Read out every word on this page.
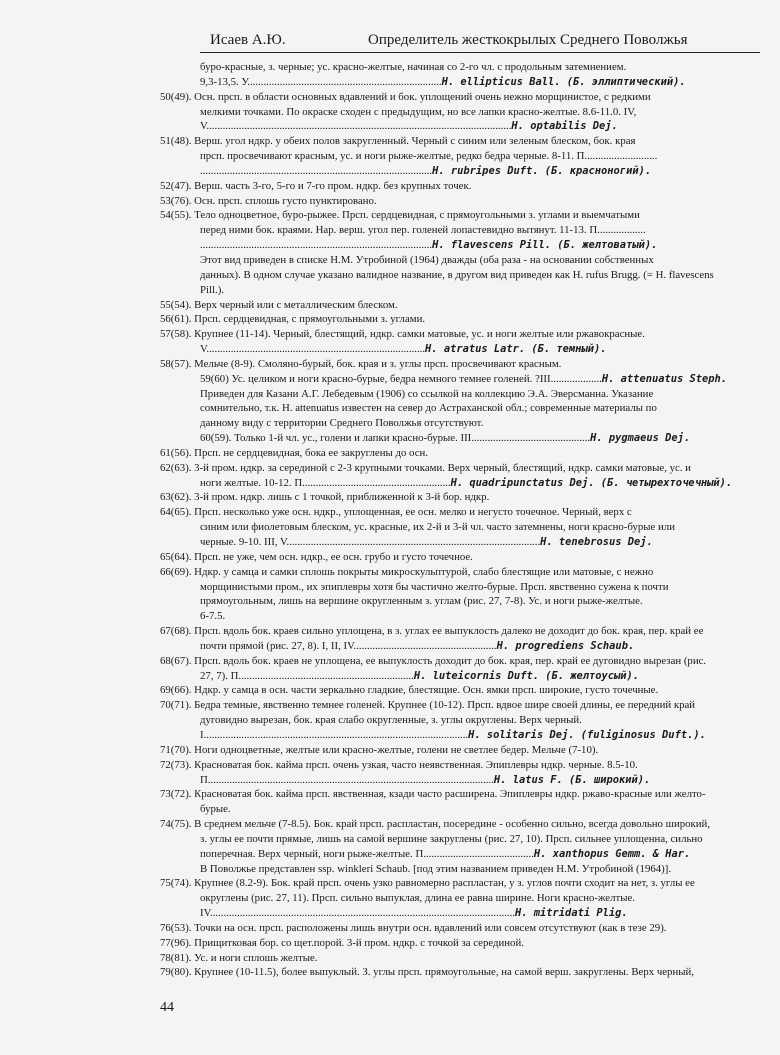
Исаев А.Ю.	Определитель жесткокрылых Среднего Поволжья

буро-красные, з. черные; ус. красно-желтые, начиная со 2-го чл. с продольным затемнением.

9,3-13,5. У........................................................................H. ellipticus Ball. (Б. эллиптический).

50(49). Осн. прсп. в области основных вдавлений и бок. уплощений очень нежно морщинистое, с редкими

мелкими точками. По окраске сходен с предыдущим, но все лапки красно-желтые. 8.6-11.0. IV,

V.................................................................................................................H. optabilis Dej.

51(48). Верш. угол ндкр. у обеих полов закругленный. Черный с синим или зеленым блеском, бок. края

прсп. просвечивают красным, ус. и ноги рыже-желтые, редко бедра черные. 8-11. П...........................

......................................................................................H. rubripes Duft. (Б. красноногий).

52(47). Верш. часть 3-го, 5-го и 7-го пром. ндкр. без крупных точек.

53(76). Осн. прсп. сплошь густо пунктировано.

54(55). Тело одноцветное, буро-рыжее. Прсп. сердцевидная, с прямоугольными з. углами и выемчатыми

перед ними бок. краями. Нар. верш. угол пер. голеней лопастевидно вытянут. 11-13. П..................

......................................................................................H. flavescens Pill. (Б. желтоватый).

Этот вид приведен в списке Н.М. Утробиной (1964) дважды (оба раза - на основании собственных

данных). В одном случае указано валидное название, в другом вид приведен как H. rufus Brugg. (= H. flavescens

Pill.).

55(54). Верх черный или с металлическим блеском.

56(61). Прсп. сердцевидная, с прямоугольными з. углами.

57(58). Крупнее (11-14). Черный, блестящий, ндкр. самки матовые, ус. и ноги желтые или ржавокрасные.

V.................................................................................H. atratus Latr. (Б. темный).

58(57). Мельче (8-9). Смоляно-бурый, бок. края и з. углы прсп. просвечивают красным.

59(60) Ус. целиком и ноги красно-бурые, бедра немного темнее голеней. ?III...................H. attenuatus Steph.

Приведен для Казани А.Г. Лебедевым (1906) со ссылкой на коллекцию Э.А. Эверсманна. Указание

сомнительно, т.к. H. attenuatus известен на север до Астраханской обл.; современные материалы по

данному виду с территории Среднего Поволжья отсутствуют.

60(59). Только 1-й чл. ус., голени и лапки красно-бурые. III............................................H. pygmaeus Dej.

61(56). Прсп. не сердцевидная, бока ее закруглены до осн.

62(63). 3-й пром. ндкр. за серединой с 2-3 крупными точками. Верх черный, блестящий, ндкр. самки матовые, ус. и

ноги желтые. 10-12. П.......................................................H. quadripunctatus Dej. (Б. четырехточечный).

63(62). 3-й пром. ндкр. лишь с 1 точкой, приближенной к 3-й бор. ндкр.

64(65). Прсп. несколько уже осн. ндкр., уплощенная, ее осн. мелко и негусто точечное. Черный, верх с

синим или фиолетовым блеском, ус. красные, их 2-й и 3-й чл. часто затемнены, ноги красно-бурые или

черные. 9-10. III, V..............................................................................................H. tenebrosus Dej.

65(64). Прсп. не уже, чем осн. ндкр., ее осн. грубо и густо точечное.

66(69). Ндкр. у самца и самки сплошь покрыты микроскульптурой, слабо блестящие или матовые, с нежно

морщинистыми пром., их эпиплевры хотя бы частично желто-бурые. Прсп. явственно сужена к почти

прямоугольным, лишь на вершине округленным з. углам (рис. 27, 7-8). Ус. и ноги рыже-желтые.

6-7.5.

67(68). Прсп. вдоль бок. краев сильно уплощена, в з. углах ее выпуклость далеко не доходит до бок. края, пер. край ее

почти прямой (рис. 27, 8). I, II, IV.....................................................H. progrediens Schaub.

68(67). Прсп. вдоль бок. краев не уплощена, ее выпуклость доходит до бок. края, пер. край ее дуговидно вырезан (рис.

27, 7). П.................................................................H. luteicornis Duft. (Б. желтоусый).

69(66). Ндкр. у самца в осн. части зеркально гладкие, блестящие. Осн. ямки прсп. широкие, густо точечные.

70(71). Бедра темные, явственно темнее голеней. Крупнее (10-12). Прсп. вдвое шире своей длины, ее передний край

дуговидно вырезан, бок. края слабо округленные, з. углы округлены. Верх черный.

I..................................................................................................H. solitaris Dej. (fuliginosus Duft.).

71(70). Ноги одноцветные, желтые или красно-желтые, голени не светлее бедер. Мельче (7-10).

72(73). Красноватая бок. кайма прсп. очень узкая, часто неявственная. Эпиплевры ндкр. черные. 8.5-10.

П..........................................................................................................H. latus F. (Б. широкий).

73(72). Красноватая бок. кайма прсп. явственная, кзади часто расширена. Эпиплевры ндкр. ржаво-красные или желто-

бурые.

74(75). В среднем мельче (7-8.5). Бок. край прсп. распластан, посередине - особенно сильно, всегда довольно широкий,

з. углы ее почти прямые, лишь на самой вершине закруглены (рис. 27, 10). Прсп. сильнее уплощенна, сильно

поперечная. Верх черный, ноги рыже-желтые. П.........................................H. xanthopus Gemm. & Har.

В Поволжье представлен ssp. winkleri Schaub. [под этим названием приведен Н.М. Утробиной (1964)].

75(74). Крупнее (8.2-9). Бок. край прсп. очень узко равномерно распластан, у з. углов почти сходит на нет, з. углы ее

округлены (рис. 27, 11). Прсп. сильно выпуклая, длина ее равна ширине. Ноги красно-желтые.

IV.................................................................................................................H. mitridati Plig.

76(53). Точки на осн. прсп. расположены лишь внутри осн. вдавлений или совсем отсутствуют (как в тезе 29).

77(96). Прищитковая бор. со щет.порой. 3-й пром. ндкр. с точкой за серединой.

78(81). Ус. и ноги сплошь желтые.

79(80). Крупнее (10-11.5), более выпуклый. З. углы прсп. прямоугольные, на самой верш. закруглены. Верх черный,

44
